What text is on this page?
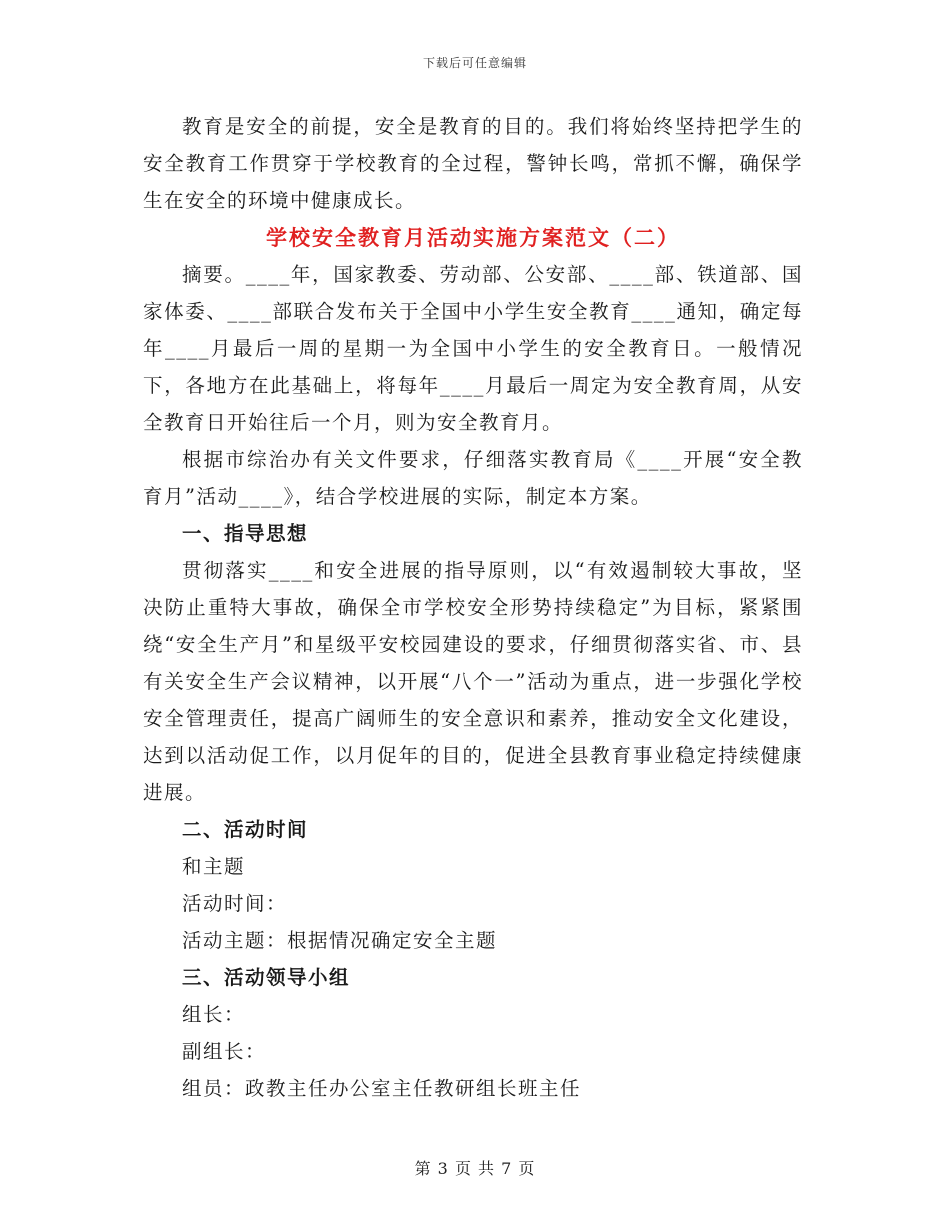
下载后可任意编辑

教育是安全的前提，安全是教育的目的。我们将始终坚持把学生的安全教育工作贯穿于学校教育的全过程，警钟长鸣，常抓不懈，确保学生在安全的环境中健康成长。

学校安全教育月活动实施方案范文（二）

摘要。____年，国家教委、劳动部、公安部、____部、铁道部、国家体委、____部联合发布关于全国中小学生安全教育____通知，确定每年____月最后一周的星期一为全国中小学生的安全教育日。一般情况下，各地方在此基础上，将每年____月最后一周定为安全教育周，从安全教育日开始往后一个月，则为安全教育月。

根据市综治办有关文件要求，仔细落实教育局《____开展“安全教育月”活动____》，结合学校进展的实际，制定本方案。

一、指导思想

贯彻落实____和安全进展的指导原则，以“有效遏制较大事故，坚决防止重特大事故，确保全市学校安全形势持续稳定”为目标，紧紧围绕“安全生产月”和星级平安校园建设的要求，仔细贯彻落实省、市、县有关安全生产会议精神，以开展“八个一”活动为重点，进一步强化学校安全管理责任，提高广阔师生的安全意识和素养，推动安全文化建设，达到以活动促工作，以月促年的目的，促进全县教育事业稳定持续健康进展。

二、活动时间

和主题

活动时间：

活动主题：根据情况确定安全主题

三、活动领导小组

组长：

副组长：

组员：政教主任办公室主任教研组长班主任

第 3 页 共 7 页
